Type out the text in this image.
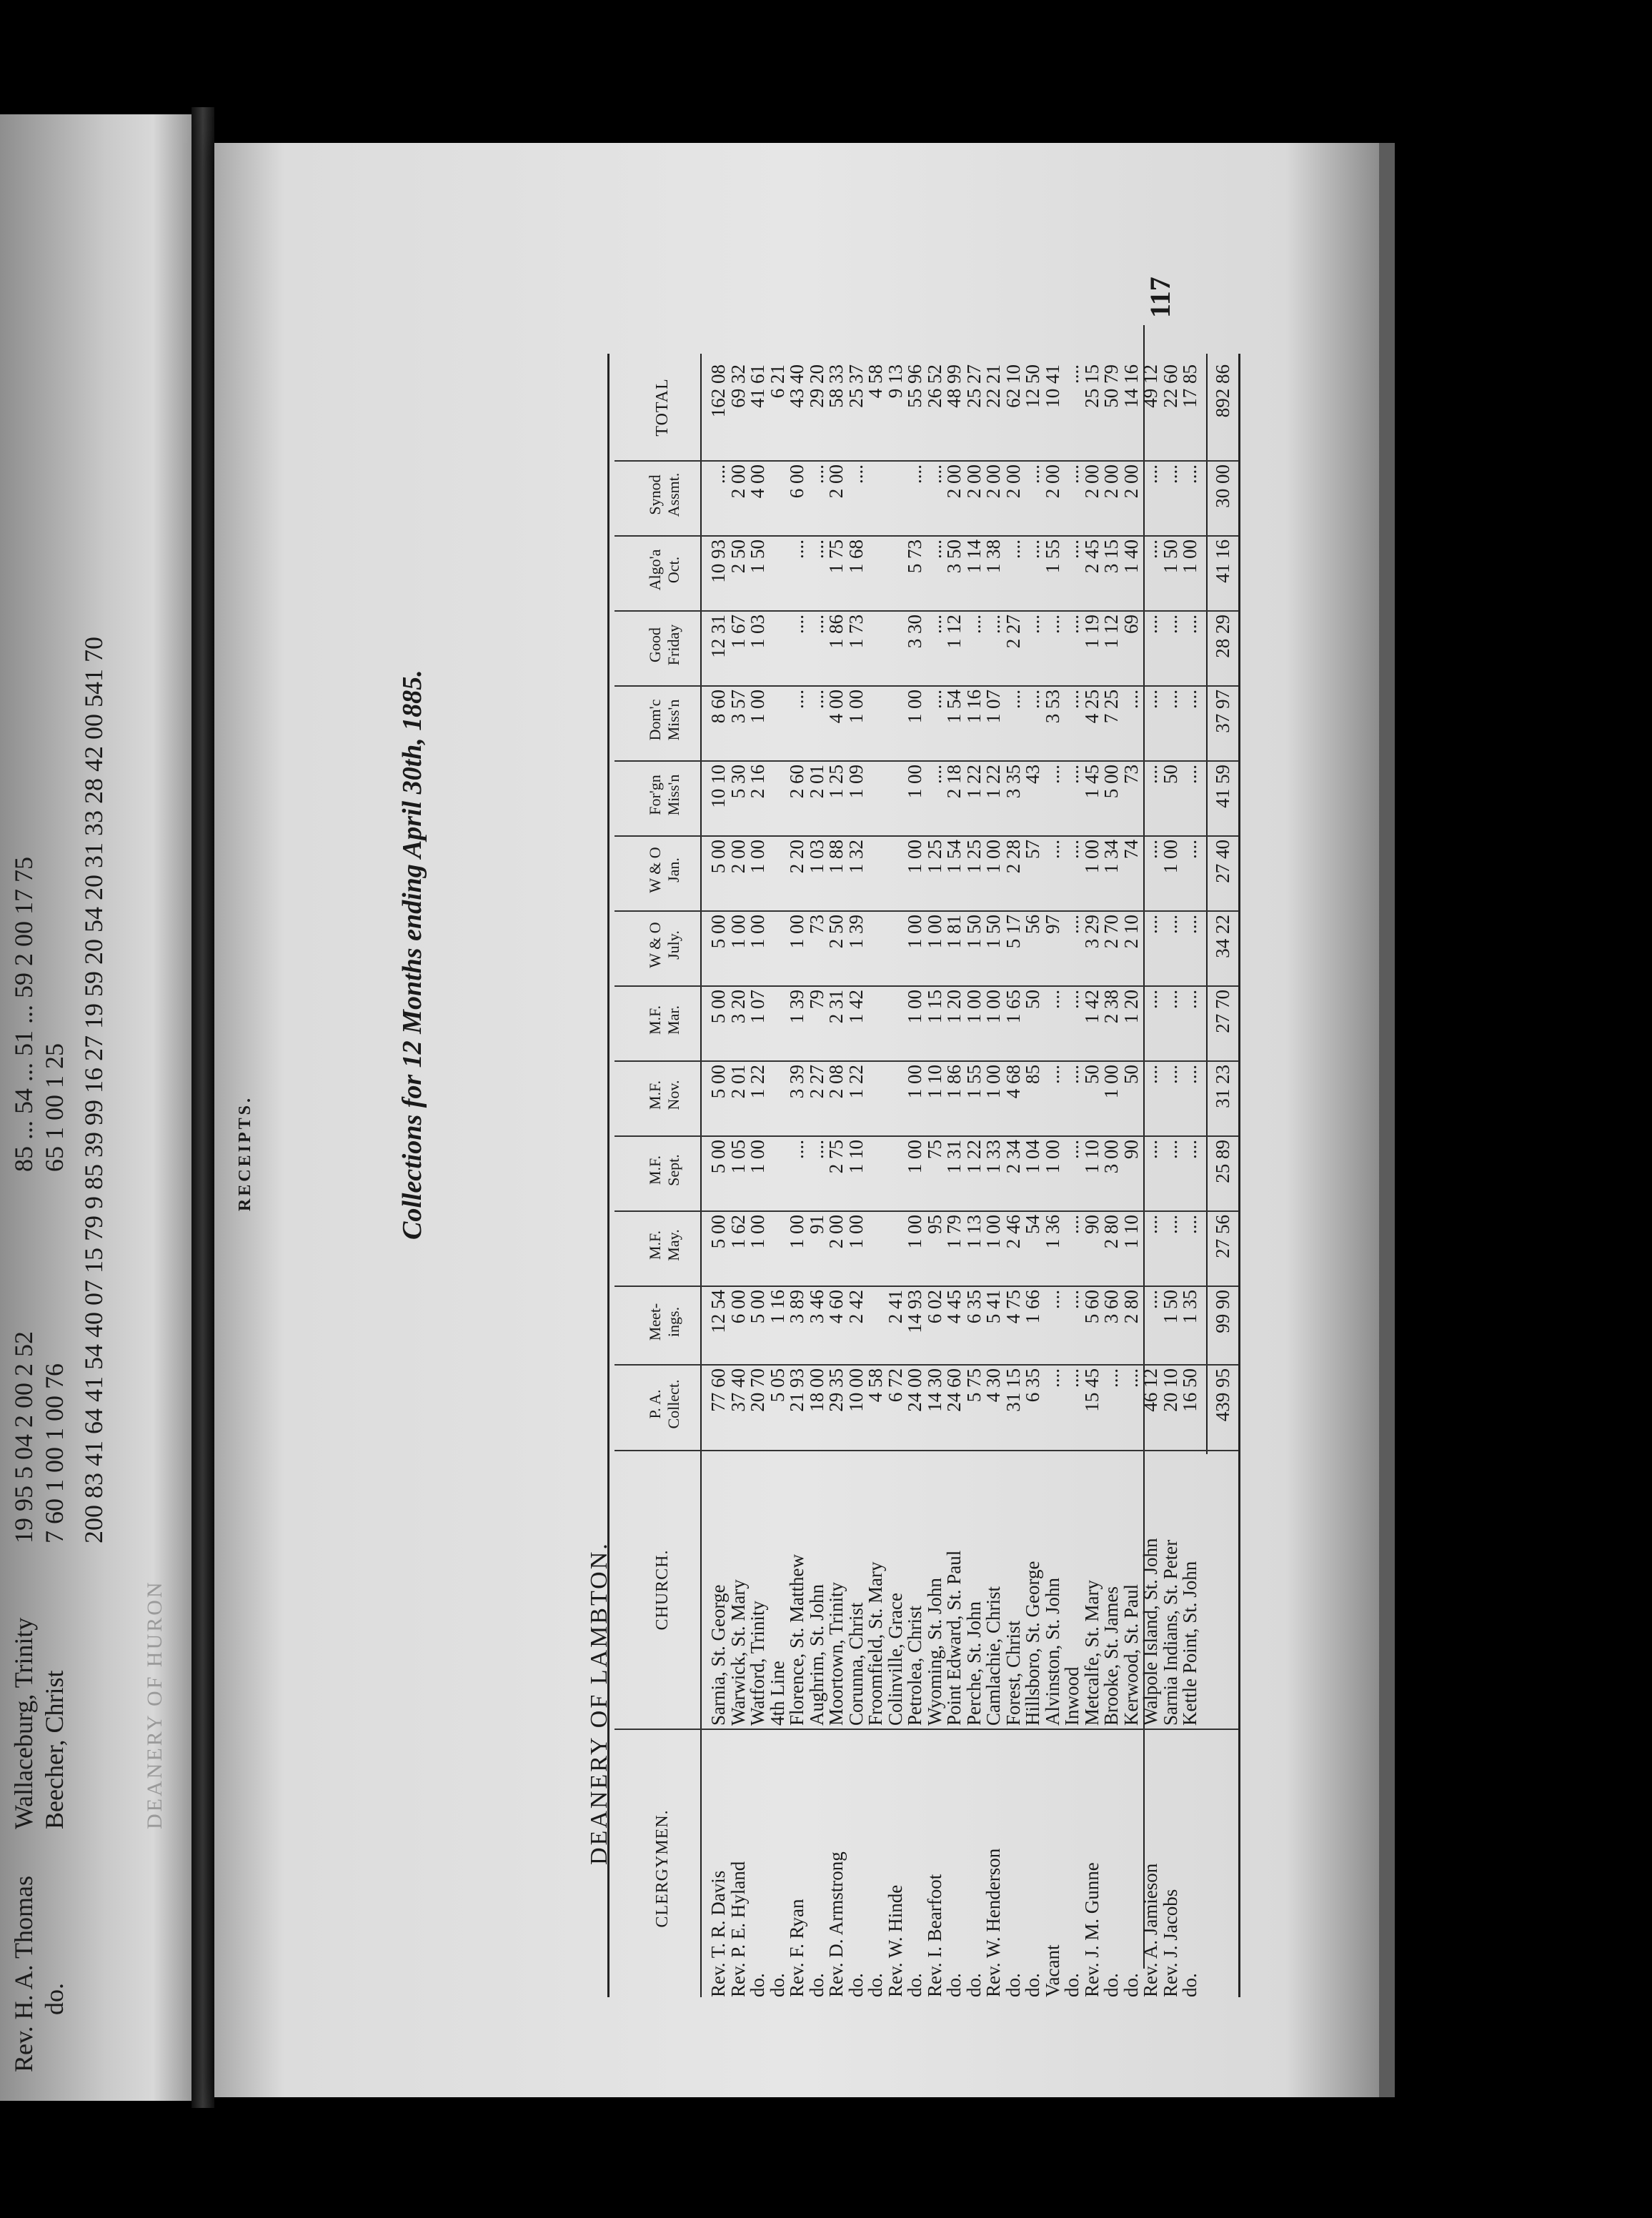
Rev. H. A. Thomas
Wallaceburg, Trinity
19 95 5 04 2 00 2 52
85 ... 54 ... 51 ... 59 2 00 17 75
do.
Beecher, Christ
7 60 1 00 1 00 76
65 1 00 1 25 200 83 41 64 41 54 40 07 15 79 9 85 39 99 16 27 19 59 20 54 20 31 33 28 42 00 541 70
DEANERY OF HURON
RECEIPTS.
117
DEANERY OF LAMBTON.
Collections for 12 Months ending April 30th, 1885.
CLERGYMEN.
CHURCH.
P. A. Collect.
Meet- ings.
M.F. May.
M.F. Sept.
M.F. Nov.
M.F. Mar.
W & O July.
W & O Jan.
For'gn Miss'n
Dom'c Miss'n
Good Friday
Algo'a Oct.
Synod Assmt.
TOTAL
Rev. T. R. Davis
Sarnia, St. George
77 60
12 54
5 00
5 00
5 00
5 00
5 00
5 00
10 10
8 60
12 31
10 93
....
162 08
Rev. P. E. Hyland
Warwick, St. Mary
37 40
6 00
1 62
1 05
2 01
3 20
1 00
2 00
5 30
3 57
1 67
2 50
2 00
69 32
do.
Watford, Trinity
20 70
5 00
1 00
1 00
1 22
1 07
1 00
1 00
2 16
1 00
1 03
1 50
4 00
41 61
do.
4th Line
5 05
1 16
6 21
Rev. F. Ryan
Florence, St. Matthew
21 93
3 89
1 00
....
3 39
1 39
1 00
2 20
2 60
....
....
....
6 00
43 40
do.
Aughrim, St. John
18 00
3 46
91
....
2 27
79
73
1 03
2 01
....
....
....
....
29 20
Rev. D. Armstrong
Moortown, Trinity
29 35
4 60
2 00
2 75
2 08
2 31
2 50
1 88
1 25
4 00
1 86
1 75
2 00
58 33
do.
Corunna, Christ
10 00
2 42
1 00
1 10
1 22
1 42
1 39
1 32
1 09
1 00
1 73
1 68
....
25 37
do.
Froomfield, St. Mary
4 58
4 58
Rev. W. Hinde
Colinville, Grace
6 72
2 41
9 13
do.
Petrolea, Christ
24 00
14 93
1 00
1 00
1 00
1 00
1 00
1 00
1 00
1 00
3 30
5 73
....
55 96
Rev. I. Bearfoot
Wyoming, St. John
14 30
6 02
95
75
1 10
1 15
1 00
1 25
....
....
....
....
....
26 52
do.
Point Edward, St. Paul
24 60
4 45
1 79
1 31
1 86
1 20
1 81
1 54
2 18
1 54
1 12
3 50
2 00
48 99
do.
Perche, St. John
5 75
6 35
1 13
1 22
1 55
1 00
1 50
1 25
1 22
1 16
....
1 14
2 00
25 27
Rev. W. Henderson
Camlachie, Christ
4 30
5 41
1 00
1 33
1 00
1 00
1 50
1 00
1 22
1 07
....
1 38
2 00
22 21
do.
Forest, Christ
31 15
4 75
2 46
2 34
4 68
1 65
5 17
2 28
3 35
....
2 27
....
2 00
62 10
do.
Hillsboro, St. George
6 35
1 66
54
1 04
85
50
56
57
43
....
....
....
....
12 50
Vacant
Alvinston, St. John
....
....
1 36
1 00
....
....
97
....
....
3 53
....
1 55
2 00
10 41
do.
Inwood
....
....
....
....
....
....
....
....
....
....
....
....
....
....
Rev. J. M. Gunne
Metcalfe, St. Mary
15 45
5 60
90
1 10
50
1 42
3 29
1 00
1 45
4 25
1 19
2 45
2 00
25 15
do.
Brooke, St. James
....
3 60
2 80
3 00
1 00
2 38
2 70
1 34
5 00
7 25
1 12
3 15
2 00
50 79
do.
Kerwood, St. Paul
....
2 80
1 10
90
50
1 20
2 10
74
73
....
69
1 40
2 00
14 16
Rev. A. Jamieson
Walpole Island, St. John
46 12
....
....
....
....
....
....
....
....
....
....
....
....
49 12
Rev. J. Jacobs
Sarnia Indians, St. Peter
20 10
1 50
....
....
....
....
....
1 00
50
....
....
1 50
....
22 60
do.
Kettle Point, St. John
16 50
1 35
....
....
....
....
....
....
....
....
....
1 00
....
17 85
439 95
99 90
27 56
25 89
31 23
27 70
34 22
27 40
41 59
37 97
28 29
41 16
30 00
892 86
